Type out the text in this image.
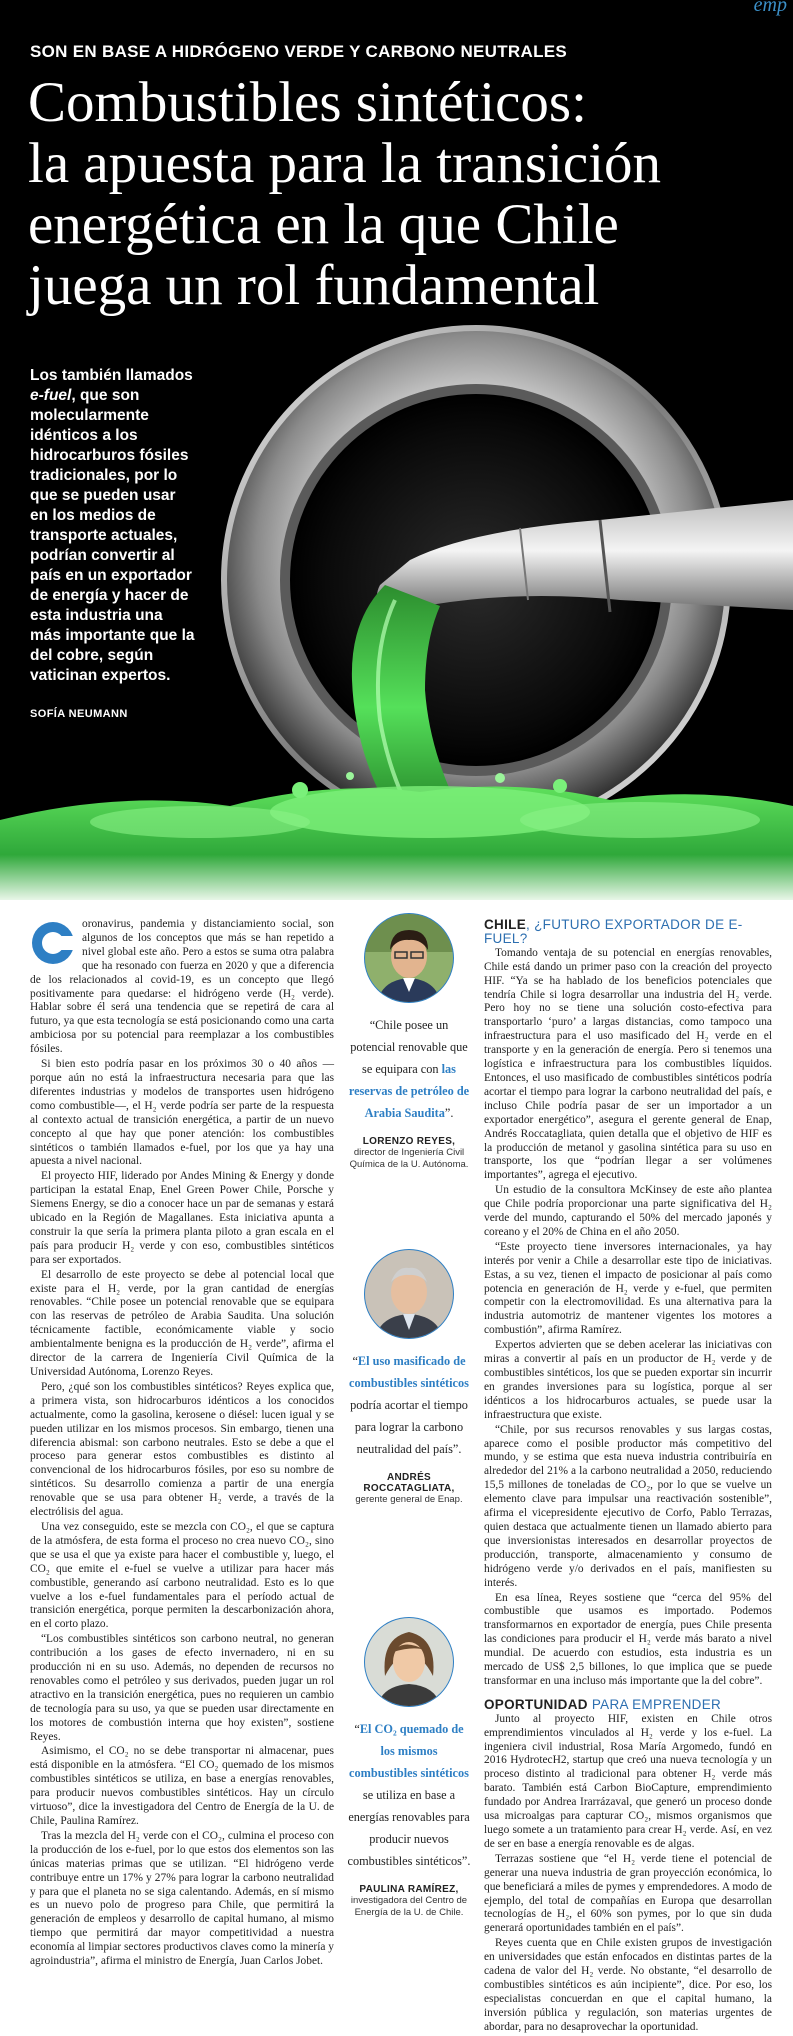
emp
SON EN BASE A HIDRÓGENO VERDE Y CARBONO NEUTRALES
Combustibles sintéticos:
la apuesta para la transición
energética en la que Chile
juega un rol fundamental
Los también llamados e-fuel, que son molecularmente idénticos a los hidrocarburos fósiles tradicionales, por lo que se pueden usar en los medios de transporte actuales, podrían convertir al país en un exportador de energía y hacer de esta industria una más importante que la del cobre, según vaticinan expertos.
SOFÍA NEUMANN

oronavirus, pandemia y distanciamiento social, son algunos de los conceptos que más se han repetido a nivel global este año. Pero a estos se suma otra palabra que ha resonado con fuerza en 2020 y que a diferencia de los relacionados al covid-19, es un concepto que llegó positivamente para quedarse: el hidrógeno verde (H₂ verde). Hablar sobre él será una tendencia que se repetirá de cara al futuro, ya que esta tecnología se está posicionando como una carta ambiciosa por su potencial para reemplazar a los combustibles fósiles.

Si bien esto podría pasar en los próximos 30 o 40 años —porque aún no está la infraestructura necesaria para que las diferentes industrias y modelos de transportes usen hidrógeno como combustible—, el H₂ verde podría ser parte de la respuesta al contexto actual de transición energética, a partir de un nuevo concepto al que hay que poner atención: los combustibles sintéticos o también llamados e-fuel, por los que ya hay una apuesta a nivel nacional.

El proyecto HIF, liderado por Andes Mining & Energy y donde participan la estatal Enap, Enel Green Power Chile, Porsche y Siemens Energy, se dio a conocer hace un par de semanas y estará ubicado en la Región de Magallanes. Esta iniciativa apunta a construir la que sería la primera planta piloto a gran escala en el país para producir H₂ verde y con eso, combustibles sintéticos para ser exportados.

El desarrollo de este proyecto se debe al potencial local que existe para el H₂ verde, por la gran cantidad de energías renovables. “Chile posee un potencial renovable que se equipara con las reservas de petróleo de Arabia Saudita. Una solución técnicamente factible, económicamente viable y socio ambientalmente benigna es la producción de H₂ verde”, afirma el director de la carrera de Ingeniería Civil Química de la Universidad Autónoma, Lorenzo Reyes.

Pero, ¿qué son los combustibles sintéticos? Reyes explica que, a primera vista, son hidrocarburos idénticos a los conocidos actualmente, como la gasolina, kerosene o diésel: lucen igual y se pueden utilizar en los mismos procesos. Sin embargo, tienen una diferencia abismal: son carbono neutrales. Esto se debe a que el proceso para generar estos combustibles es distinto al convencional de los hidrocarburos fósiles, por eso su nombre de sintéticos. Su desarrollo comienza a partir de una energía renovable que se usa para obtener H₂ verde, a través de la electrólisis del agua.

Una vez conseguido, este se mezcla con CO₂, el que se captura de la atmósfera, de esta forma el proceso no crea nuevo CO₂, sino que se usa el que ya existe para hacer el combustible y, luego, el CO₂ que emite el e-fuel se vuelve a utilizar para hacer más combustible, generando así carbono neutralidad. Esto es lo que vuelve a los e-fuel fundamentales para el período actual de transición energética, porque permiten la descarbonización ahora, en el corto plazo.

“Los combustibles sintéticos son carbono neutral, no generan contribución a los gases de efecto invernadero, ni en su producción ni en su uso. Además, no dependen de recursos no renovables como el petróleo y sus derivados, pueden jugar un rol atractivo en la transición energética, pues no requieren un cambio de tecnología para su uso, ya que se pueden usar directamente en los motores de combustión interna que hoy existen”, sostiene Reyes.

Asimismo, el CO₂ no se debe transportar ni almacenar, pues está disponible en la atmósfera. “El CO₂ quemado de los mismos combustibles sintéticos se utiliza, en base a energías renovables, para producir nuevos combustibles sintéticos. Hay un círculo virtuoso”, dice la investigadora del Centro de Energía de la U. de Chile, Paulina Ramírez.

Tras la mezcla del H₂ verde con el CO₂, culmina el proceso con la producción de los e-fuel, por lo que estos dos elementos son las únicas materias primas que se utilizan. “El hidrógeno verde contribuye entre un 17% y 27% para lograr la carbono neutralidad y para que el planeta no se siga calentando. Además, en sí mismo es un nuevo polo de progreso para Chile, que permitirá la generación de empleos y desarrollo de capital humano, al mismo tiempo que permitirá dar mayor competitividad a nuestra economía al limpiar sectores productivos claves como la minería y agroindustria”, afirma el ministro de Energía, Juan Carlos Jobet.

“Chile posee un potencial renovable que se equipara con las reservas de petróleo de Arabia Saudita”.
LORENZO REYES,
director de Ingeniería Civil Química de la U. Autónoma.
“El uso masificado de combustibles sintéticos podría acortar el tiempo para lograr la carbono neutralidad del país”.
ANDRÉS ROCCATAGLIATA,
gerente general de Enap.
“El CO₂ quemado de los mismos combustibles sintéticos se utiliza en base a energías renovables para producir nuevos combustibles sintéticos”.
PAULINA RAMÍREZ,
investigadora del Centro de Energía de la U. de Chile.

CHILE, ¿FUTURO EXPORTADOR DE E-FUEL?

Tomando ventaja de su potencial en energías renovables, Chile está dando un primer paso con la creación del proyecto HIF. “Ya se ha hablado de los beneficios potenciales que tendría Chile si logra desarrollar una industria del H₂ verde. Pero hoy no se tiene una solución costo-efectiva para transportarlo ‘puro’ a largas distancias, como tampoco una infraestructura para el uso masificado del H₂ verde en el transporte y en la generación de energía. Pero si tenemos una logística e infraestructura para los combustibles líquidos. Entonces, el uso masificado de combustibles sintéticos podría acortar el tiempo para lograr la carbono neutralidad del país, e incluso Chile podría pasar de ser un importador a un exportador energético”, asegura el gerente general de Enap, Andrés Roccatagliata, quien detalla que el objetivo de HIF es la producción de metanol y gasolina sintética para su uso en transporte, los que “podrían llegar a ser volúmenes importantes”, agrega el ejecutivo.

Un estudio de la consultora McKinsey de este año plantea que Chile podría proporcionar una parte significativa del H₂ verde del mundo, capturando el 50% del mercado japonés y coreano y el 20% de China en el año 2050.

“Este proyecto tiene inversores internacionales, ya hay interés por venir a Chile a desarrollar este tipo de iniciativas. Estas, a su vez, tienen el impacto de posicionar al país como potencia en generación de H₂ verde y e-fuel, que permiten competir con la electromovilidad. Es una alternativa para la industria automotriz de mantener vigentes los motores a combustión”, afirma Ramírez.

Expertos advierten que se deben acelerar las iniciativas con miras a convertir al país en un productor de H₂ verde y de combustibles sintéticos, los que se pueden exportar sin incurrir en grandes inversiones para su logística, porque al ser idénticos a los hidrocarburos actuales, se puede usar la infraestructura que existe.

“Chile, por sus recursos renovables y sus largas costas, aparece como el posible productor más competitivo del mundo, y se estima que esta nueva industria contribuiría en alrededor del 21% a la carbono neutralidad a 2050, reduciendo 15,5 millones de toneladas de CO₂, por lo que se vuelve un elemento clave para impulsar una reactivación sostenible”, afirma el vicepresidente ejecutivo de Corfo, Pablo Terrazas, quien destaca que actualmente tienen un llamado abierto para que inversionistas interesados en desarrollar proyectos de producción, transporte, almacenamiento y consumo de hidrógeno verde y/o derivados en el país, manifiesten su interés.

En esa línea, Reyes sostiene que “cerca del 95% del combustible que usamos es importado. Podemos transformarnos en exportador de energía, pues Chile presenta las condiciones para producir el H₂ verde más barato a nivel mundial. De acuerdo con estudios, esta industria es un mercado de US$ 2,5 billones, lo que implica que se puede transformar en una incluso más importante que la del cobre”.

OPORTUNIDAD PARA EMPRENDER

Junto al proyecto HIF, existen en Chile otros emprendimientos vinculados al H₂ verde y los e-fuel. La ingeniera civil industrial, Rosa María Argomedo, fundó en 2016 HydrotecH2, startup que creó una nueva tecnología y un proceso distinto al tradicional para obtener H₂ verde más barato. También está Carbon BioCapture, emprendimiento fundado por Andrea Irarrázaval, que generó un proceso donde usa microalgas para capturar CO₂, mismos organismos que luego somete a un tratamiento para crear H₂ verde. Así, en vez de ser en base a energía renovable es de algas.

Terrazas sostiene que “el H₂ verde tiene el potencial de generar una nueva industria de gran proyección económica, lo que beneficiará a miles de pymes y emprendedores. A modo de ejemplo, del total de compañías en Europa que desarrollan tecnologías de H₂, el 60% son pymes, por lo que sin duda generará oportunidades también en el país”.

Reyes cuenta que en Chile existen grupos de investigación en universidades que están enfocados en distintas partes de la cadena de valor del H₂ verde. No obstante, “el desarrollo de combustibles sintéticos es aún incipiente”, dice. Por eso, los especialistas concuerdan en que el capital humano, la inversión pública y regulación, son materias urgentes de abordar, para no desaprovechar la oportunidad.
